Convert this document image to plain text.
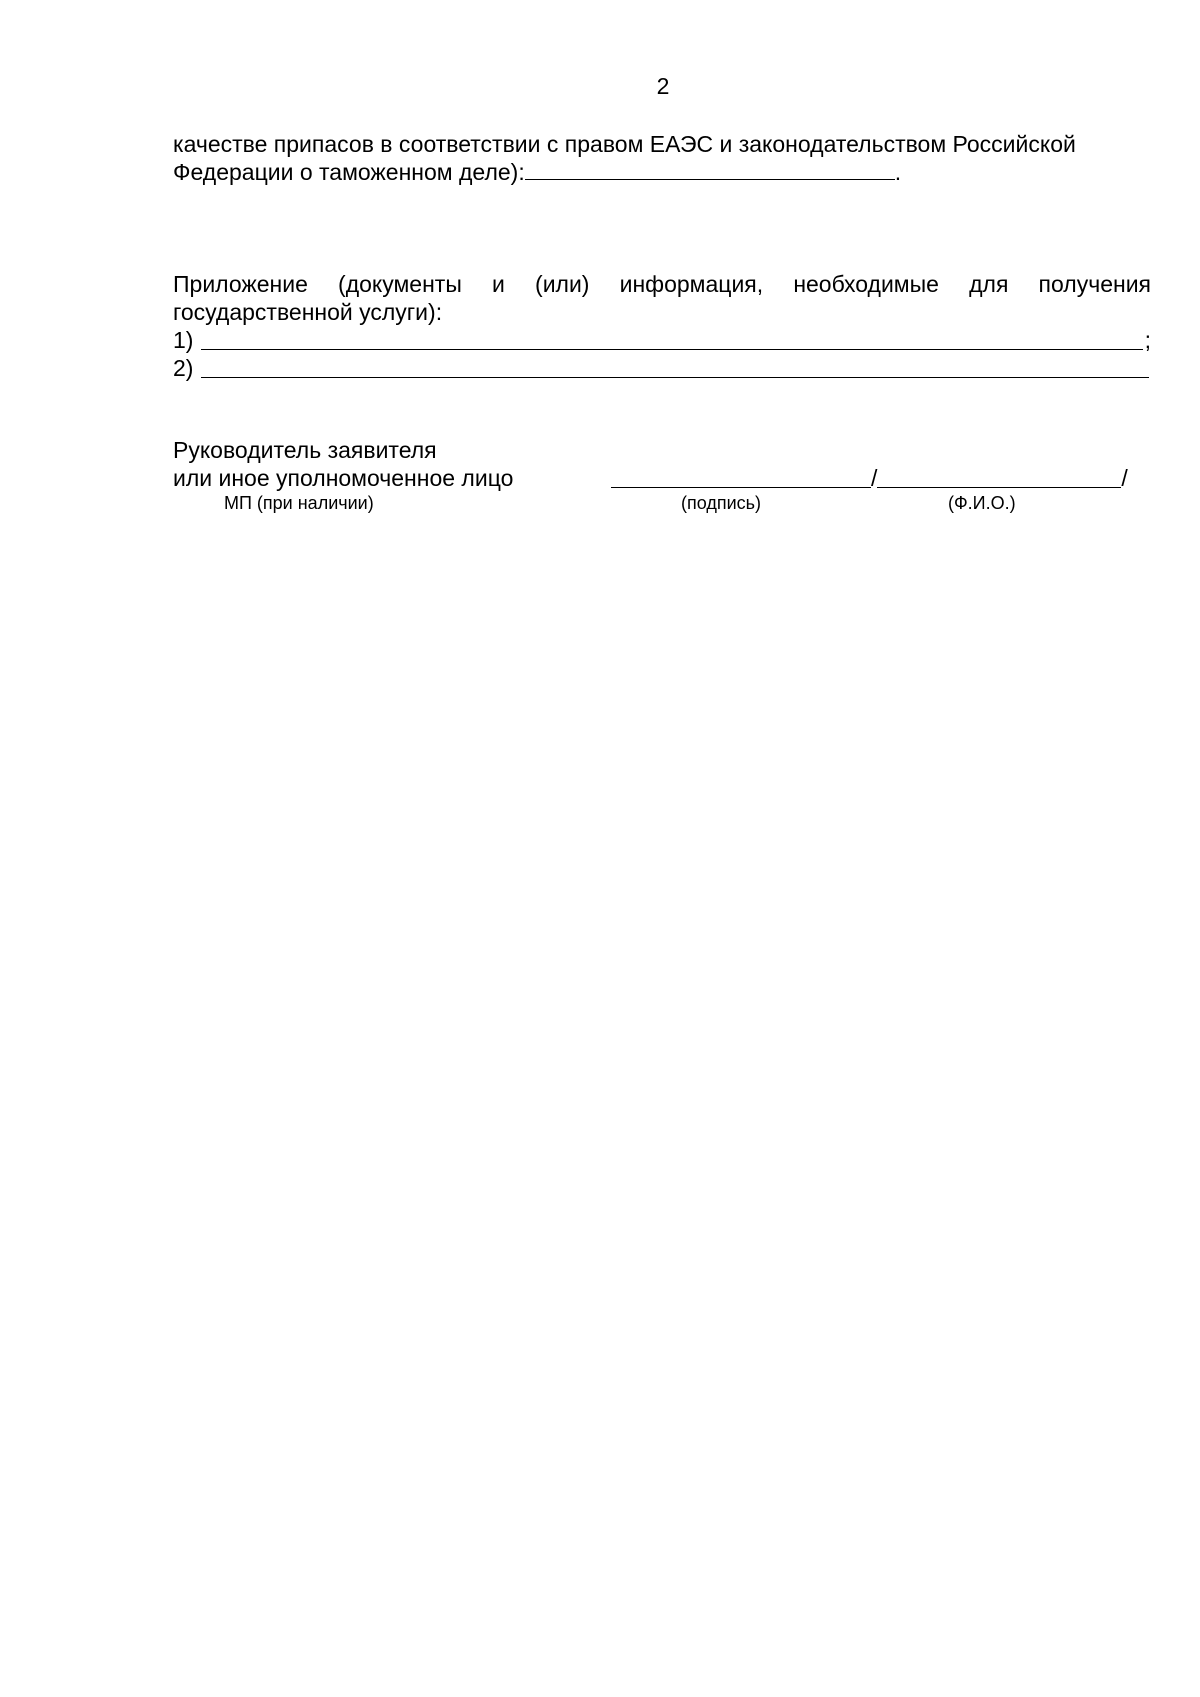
2
качестве припасов в соответствии с правом ЕАЭС и законодательством Российской
Федерации о таможенном деле):	.
Приложение (документы и (или) информация, необходимые для получения
государственной услуги):
1)	;
2)
Руководитель заявителя
или иное уполномоченное лицо	/	/
МП (при наличии)	(подпись)	(Ф.И.О.)
